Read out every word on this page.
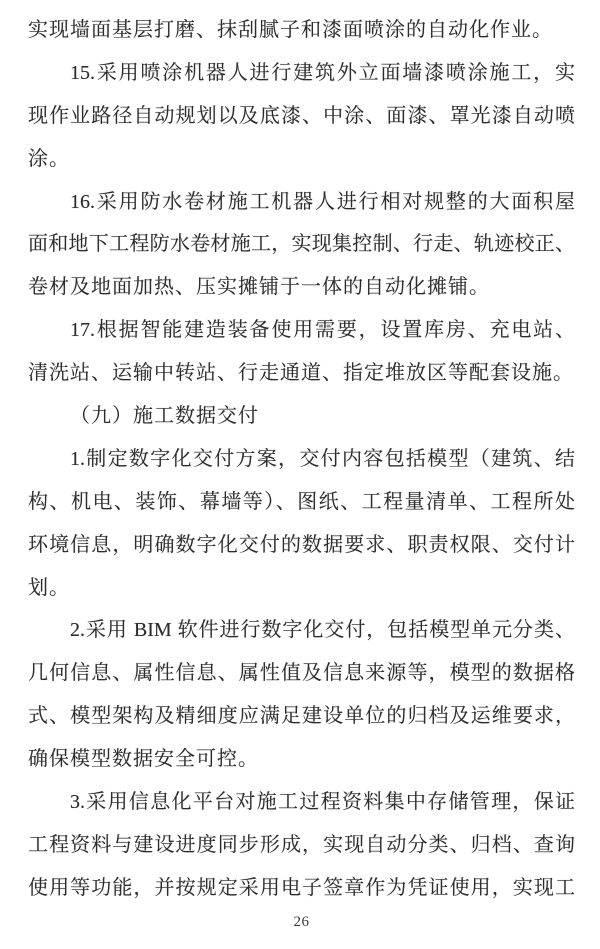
实现墙面基层打磨、抹刮腻子和漆面喷涂的自动化作业。
15.采用喷涂机器人进行建筑外立面墙漆喷涂施工，实
现作业路径自动规划以及底漆、中涂、面漆、罩光漆自动喷
涂。
16.采用防水卷材施工机器人进行相对规整的大面积屋
面和地下工程防水卷材施工，实现集控制、行走、轨迹校正、
卷材及地面加热、压实摊铺于一体的自动化摊铺。
17.根据智能建造装备使用需要，设置库房、充电站、
清洗站、运输中转站、行走通道、指定堆放区等配套设施。
（九）施工数据交付
1.制定数字化交付方案，交付内容包括模型（建筑、结
构、机电、装饰、幕墙等）、图纸、工程量清单、工程所处
环境信息，明确数字化交付的数据要求、职责权限、交付计
划。
2.采用 BIM 软件进行数字化交付，包括模型单元分类、
几何信息、属性信息、属性值及信息来源等，模型的数据格
式、模型架构及精细度应满足建设单位的归档及运维要求，
确保模型数据安全可控。
3.采用信息化平台对施工过程资料集中存储管理，保证
工程资料与建设进度同步形成，实现自动分类、归档、查询
使用等功能，并按规定采用电子签章作为凭证使用，实现工
26
